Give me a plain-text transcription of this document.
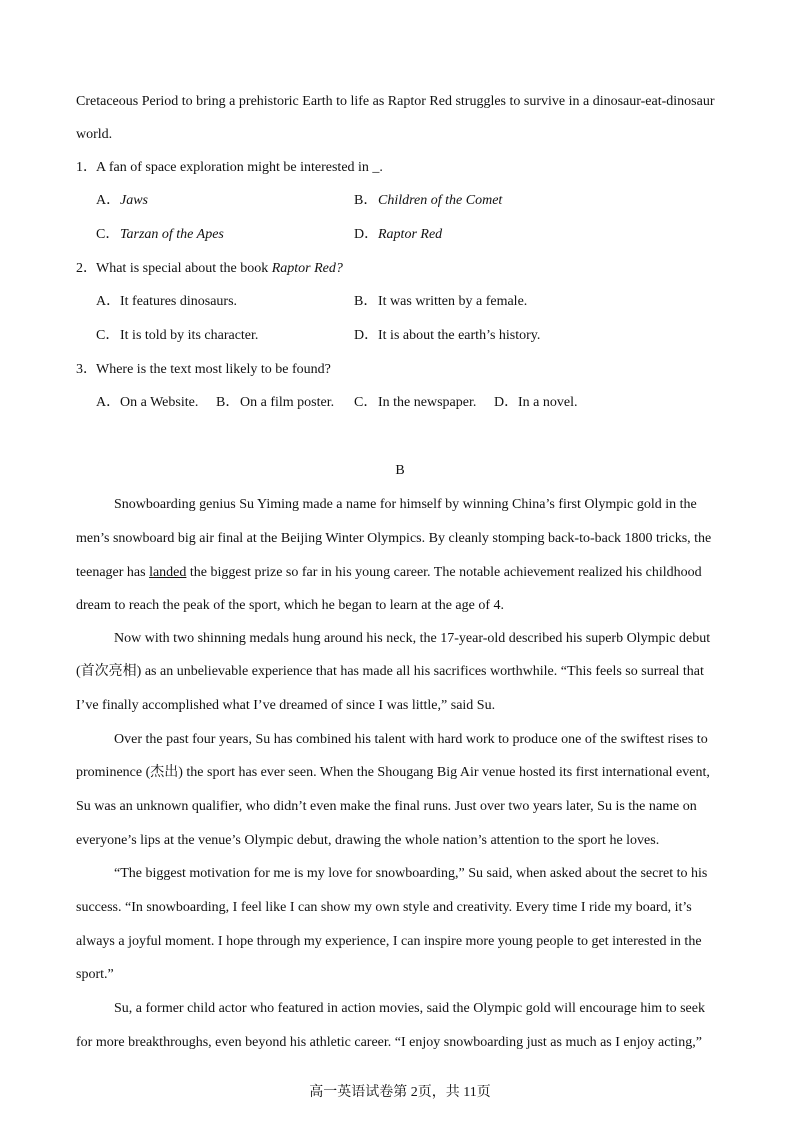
Cretaceous Period to bring a prehistoric Earth to life as Raptor Red struggles to survive in a dinosaur-eat-dinosaur
world.
1．A fan of space exploration might be interested in _.
A．Jaws	B．Children of the Comet
C．Tarzan of the Apes	D．Raptor Red
2．What is special about the book Raptor Red?
A．It features dinosaurs.	B．It was written by a female.
C．It is told by its character.	D．It is about the earth’s history.
3．Where is the text most likely to be found?
A．On a Website. B．On a film poster. C．In the newspaper. D．In a novel.
B
Snowboarding genius Su Yiming made a name for himself by winning China’s first Olympic gold in the
men’s snowboard big air final at the Beijing Winter Olympics. By cleanly stomping back-to-back 1800 tricks, the
teenager has landed the biggest prize so far in his young career. The notable achievement realized his childhood
dream to reach the peak of the sport, which he began to learn at the age of 4.
Now with two shinning medals hung around his neck, the 17-year-old described his superb Olympic debut
(首次亮相) as an unbelievable experience that has made all his sacrifices worthwhile. “This feels so surreal that
I’ve finally accomplished what I’ve dreamed of since I was little,” said Su.
Over the past four years, Su has combined his talent with hard work to produce one of the swiftest rises to
prominence (杰出) the sport has ever seen. When the Shougang Big Air venue hosted its first international event,
Su was an unknown qualifier, who didn’t even make the final runs. Just over two years later, Su is the name on
everyone’s lips at the venue’s Olympic debut, drawing the whole nation’s attention to the sport he loves.
“The biggest motivation for me is my love for snowboarding,” Su said, when asked about the secret to his
success. “In snowboarding, I feel like I can show my own style and creativity. Every time I ride my board, it’s
always a joyful moment. I hope through my experience, I can inspire more young people to get interested in the
sport.”
Su, a former child actor who featured in action movies, said the Olympic gold will encourage him to seek
for more breakthroughs, even beyond his athletic career. “I enjoy snowboarding just as much as I enjoy acting,”
高一英语试卷第 2页，共 11页
